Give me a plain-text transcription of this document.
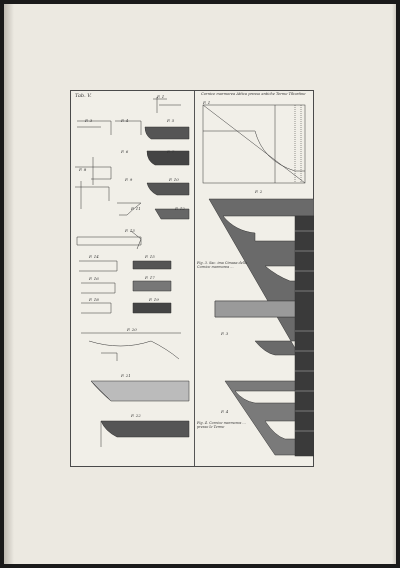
Tab. V.	F. 1
F. 3	F. 4	F. 5
F. 6	F. 7
F. 8
F. 9	F. 10
F. 11	F. 12
F. 13
F. 14	F. 15
F. 16	F. 17
F. 18	F. 19
F. 20
F. 21
F. 22
Cornice marmorea Attica presso antiche Terme Tiburtine
F. 1
F. 2
F. 3
F. 4
Fig. 3. Sac. ima Cimasa della Cornice marmorea ...
Fig. 4. Cornice marmorea ... presso le Terme
